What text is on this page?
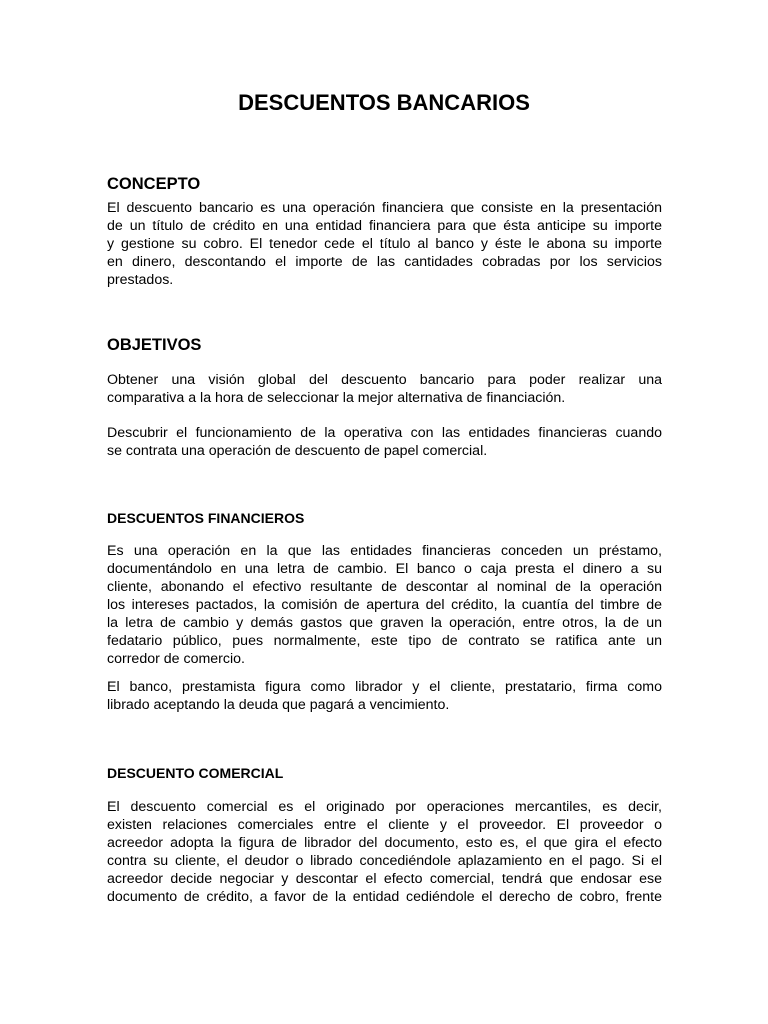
DESCUENTOS BANCARIOS
CONCEPTO

El descuento bancario es una operación financiera que consiste en la presentación
de un título de crédito en una entidad financiera para que ésta anticipe su importe
y gestione su cobro. El tenedor cede el título al banco y éste le abona su importe
en dinero, descontando el importe de las cantidades cobradas por los servicios
prestados.

OBJETIVOS

Obtener una visión global del descuento bancario para poder realizar una
comparativa a la hora de seleccionar la mejor alternativa de financiación.

Descubrir el funcionamiento de la operativa con las entidades financieras cuando
se contrata una operación de descuento de papel comercial.

DESCUENTOS FINANCIEROS

Es una operación en la que las entidades financieras conceden un préstamo,
documentándolo en una letra de cambio. El banco o caja presta el dinero a su
cliente, abonando el efectivo resultante de descontar al nominal de la operación
los intereses pactados, la comisión de apertura del crédito, la cuantía del timbre de
la letra de cambio y demás gastos que graven la operación, entre otros, la de un
fedatario público, pues normalmente, este tipo de contrato se ratifica ante un
corredor de comercio.

El banco, prestamista figura como librador y el cliente, prestatario, firma como
librado aceptando la deuda que pagará a vencimiento.

DESCUENTO COMERCIAL

El descuento comercial es el originado por operaciones mercantiles, es decir,
existen relaciones comerciales entre el cliente y el proveedor. El proveedor o
acreedor adopta la figura de librador del documento, esto es, el que gira el efecto
contra su cliente, el deudor o librado concediéndole aplazamiento en el pago. Si el
acreedor decide negociar y descontar el efecto comercial, tendrá que endosar ese
documento de crédito, a favor de la entidad cediéndole el derecho de cobro, frente
